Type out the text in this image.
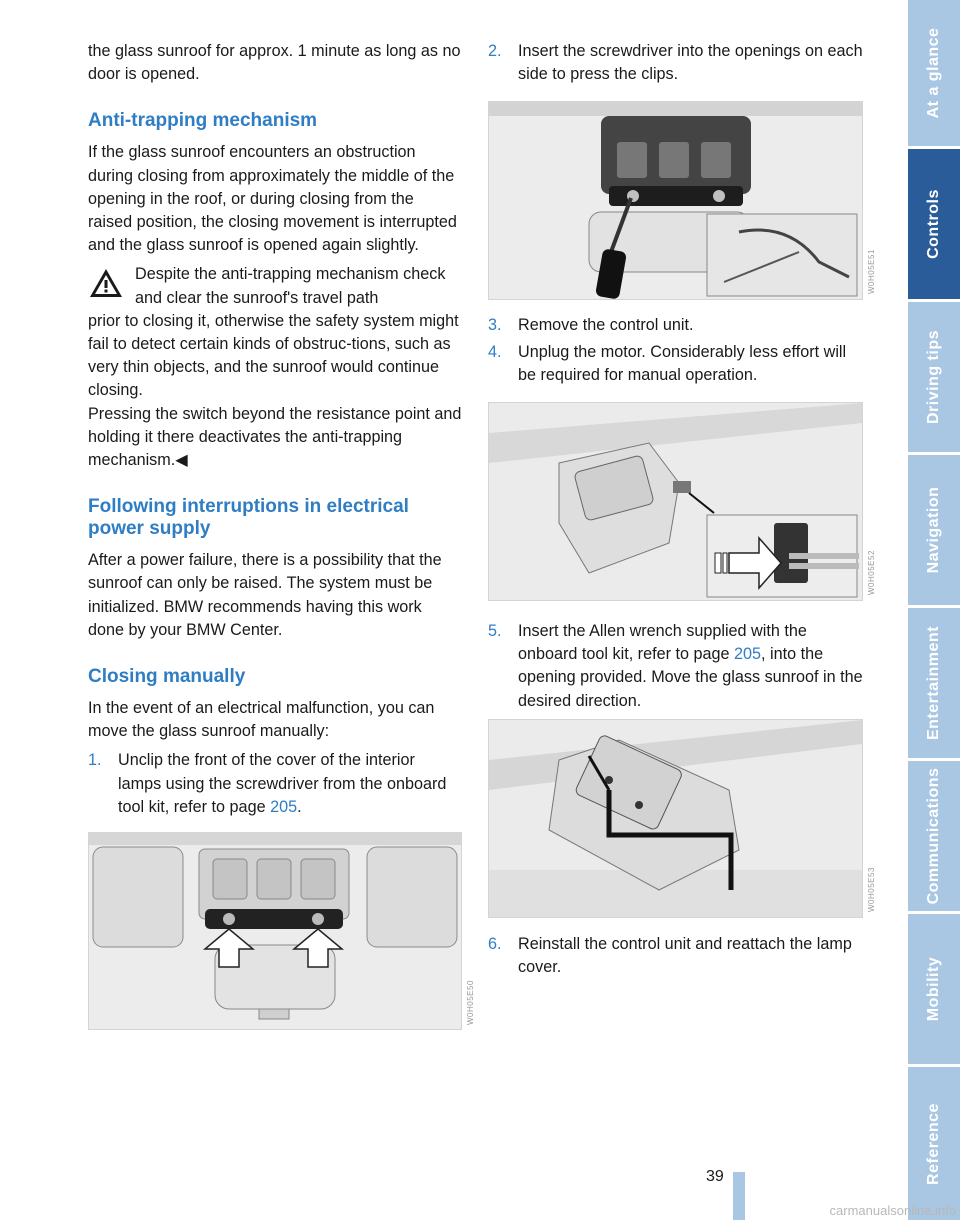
the glass sunroof for approx. 1 minute as long as no door is opened.

Anti-trapping mechanism

If the glass sunroof encounters an obstruction during closing from approximately the middle of the opening in the roof, or during closing from the raised position, the closing movement is interrupted and the glass sunroof is opened again slightly.

Despite the anti-trapping mechanism check and clear the sunroof's travel path

prior to closing it, otherwise the safety system might fail to detect certain kinds of obstruc-tions, such as very thin objects, and the sunroof would continue closing.

Pressing the switch beyond the resistance point and holding it there deactivates the anti-trapping mechanism.◀

Following interruptions in electrical power supply

After a power failure, there is a possibility that the sunroof can only be raised. The system must be initialized. BMW recommends having this work done by your BMW Center.

Closing manually

In the event of an electrical malfunction, you can move the glass sunroof manually:

1.	Unclip the front of the cover of the interior lamps using the screwdriver from the onboard tool kit, refer to page 205.
W0H05E50
2.	Insert the screwdriver into the openings on each side to press the clips.
W0H05E51
3.	Remove the control unit.
4.	Unplug the motor. Considerably less effort will be required for manual operation.
W0H05E52
5.	Insert the Allen wrench supplied with the onboard tool kit, refer to page 205, into the opening provided. Move the glass sunroof in the desired direction.
W0H05E53
6.	Reinstall the control unit and reattach the lamp cover.
At a glance
Controls
Driving tips
Navigation
Entertainment
Communications
Mobility
Reference
39
carmanualsonline.info
